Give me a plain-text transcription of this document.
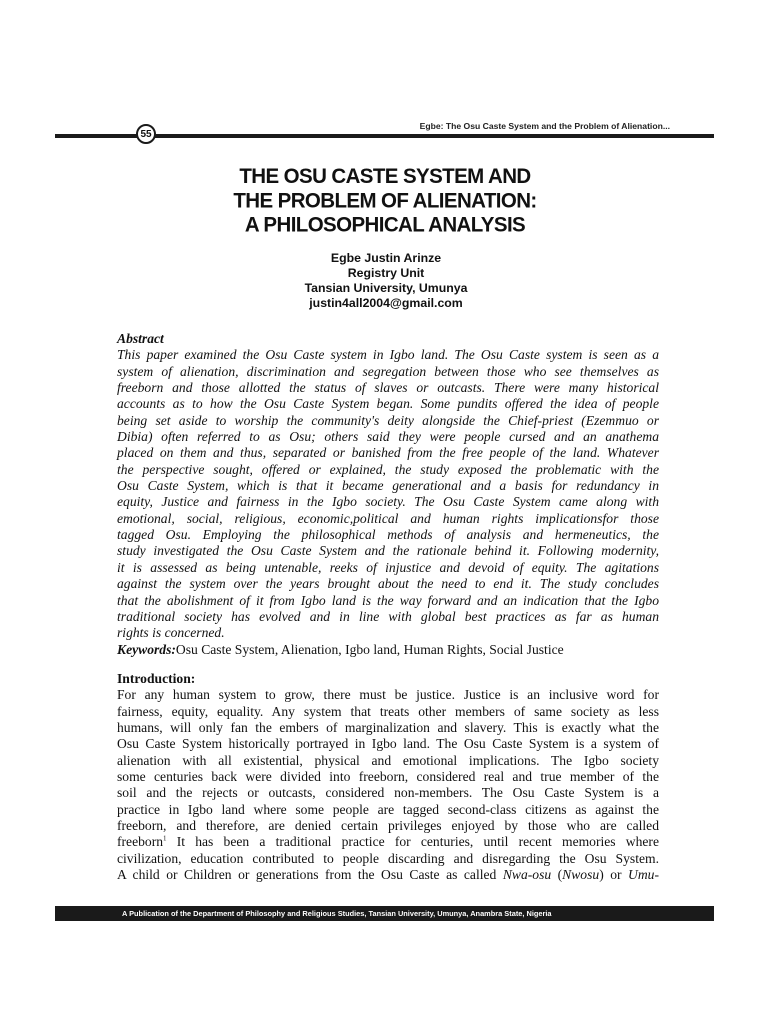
Egbe: The Osu Caste System and the Problem of Alienation...
55
THE OSU CASTE SYSTEM AND
THE PROBLEM OF ALIENATION:
A PHILOSOPHICAL ANALYSIS
Egbe Justin Arinze
Registry Unit
Tansian University, Umunya
justin4all2004@gmail.com
Abstract
This paper examined the Osu Caste system in Igbo land. The Osu Caste system is seen as a
system of alienation, discrimination and segregation between those who see themselves as
freeborn and those allotted the status of slaves or outcasts. There were many historical
accounts as to how the Osu Caste System began. Some pundits offered the idea of people
being set aside to worship the community's deity alongside the Chief-priest (Ezemmuo or
Dibia) often referred to as Osu; others said they were people cursed and an anathema
placed on them and thus, separated or banished from the free people of the land. Whatever
the perspective sought, offered or explained, the study exposed the problematic with the
Osu Caste System, which is that it became generational and a basis for redundancy in
equity, Justice and fairness in the Igbo society. The Osu Caste System came along with
emotional, social, religious, economic,political and human rights implicationsfor those
tagged Osu. Employing the philosophical methods of analysis and hermeneutics, the
study investigated the Osu Caste System and the rationale behind it. Following modernity,
it is assessed as being untenable, reeks of injustice and devoid of equity. The agitations
against the system over the years brought about the need to end it. The study concludes
that the abolishment of it from Igbo land is the way forward and an indication that the Igbo
traditional society has evolved and in line with global best practices as far as human
rights is concerned.
Keywords:Osu Caste System, Alienation, Igbo land, Human Rights, Social Justice
Introduction:
For any human system to grow, there must be justice. Justice is an inclusive word for
fairness, equity, equality. Any system that treats other members of same society as less
humans, will only fan the embers of marginalization and slavery. This is exactly what the
Osu Caste System historically portrayed in Igbo land. The Osu Caste System is a system of
alienation with all existential, physical and emotional implications. The Igbo society
some centuries back were divided into freeborn, considered real and true member of the
soil and the rejects or outcasts, considered non-members. The Osu Caste System is a
practice in Igbo land where some people are tagged second-class citizens as against the
freeborn, and therefore, are denied certain privileges enjoyed by those who are called
freeborn$^1$ It has been a traditional practice for centuries, until recent memories where
civilization, education contributed to people discarding and disregarding the Osu System.
A child or Children or generations from the Osu Caste as called Nwa-osu (Nwosu) or Umu-
A Publication of the Department of Philosophy and Religious Studies, Tansian University, Umunya, Anambra State, Nigeria
